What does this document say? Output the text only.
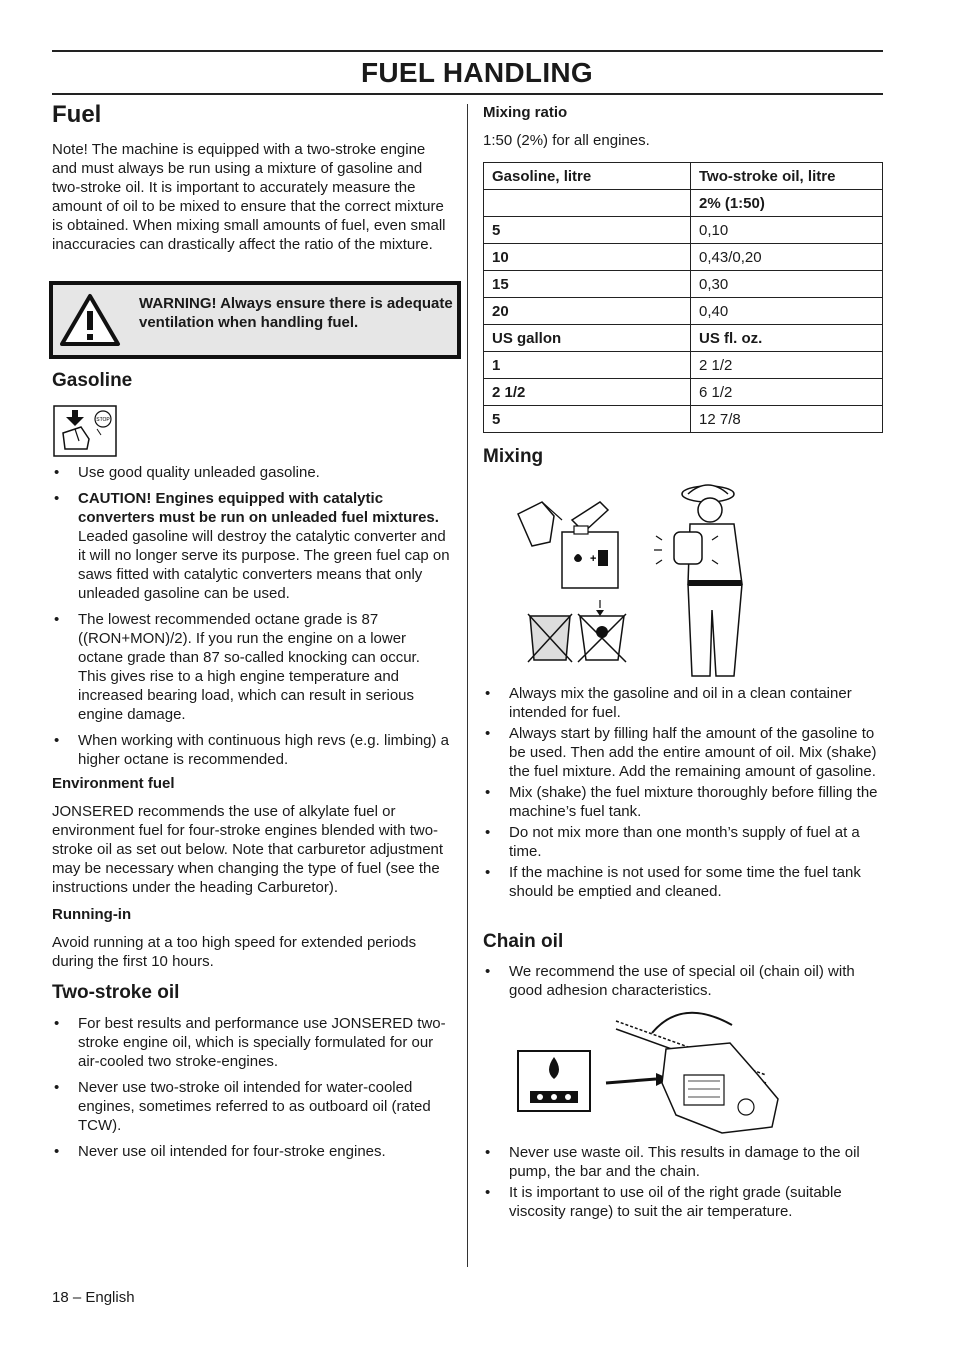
FUEL HANDLING
Fuel

Note! The machine is equipped with a two-stroke engine and must always be run using a mixture of gasoline and two-stroke oil. It is important to accurately measure the amount of oil to be mixed to ensure that the correct mixture is obtained. When mixing small amounts of fuel, even small inaccuracies can drastically affect the ratio of the mixture.

WARNING! Always ensure there is adequate ventilation when handling fuel.
Gasoline
STOP
• Use good quality unleaded gasoline.
• CAUTION! Engines equipped with catalytic converters must be run on unleaded fuel mixtures. Leaded gasoline will destroy the catalytic converter and it will no longer serve its purpose. The green fuel cap on saws fitted with catalytic converters means that only unleaded gasoline can be used.
• The lowest recommended octane grade is 87 ((RON+MON)/2). If you run the engine on a lower octane grade than 87 so-called knocking can occur. This gives rise to a high engine temperature and increased bearing load, which can result in serious engine damage.
• When working with continuous high revs (e.g. limbing) a higher octane is recommended.
Environment fuel

JONSERED recommends the use of alkylate fuel or environment fuel for four-stroke engines blended with two-stroke oil as set out below. Note that carburetor adjustment may be necessary when changing the type of fuel (see the instructions under the heading Carburetor).

Running-in

Avoid running at a too high speed for extended periods during the first 10 hours.

Two-stroke oil
• For best results and performance use JONSERED two-stroke engine oil, which is specially formulated for our air-cooled two stroke-engines.
• Never use two-stroke oil intended for water-cooled engines, sometimes referred to as outboard oil (rated TCW).
• Never use oil intended for four-stroke engines.
Mixing ratio

1:50 (2%) for all engines.

Gasoline, litre	Two-stroke oil, litre
	2% (1:50)
5	0,10
10	0,43/0,20
15	0,30
20	0,40
US gallon	US fl. oz.
1	2 1/2
2 1/2	6 1/2
5	12 7/8
Mixing
+
• Always mix the gasoline and oil in a clean container intended for fuel.
• Always start by filling half the amount of the gasoline to be used. Then add the entire amount of oil. Mix (shake) the fuel mixture. Add the remaining amount of gasoline.
• Mix (shake) the fuel mixture thoroughly before filling the machine’s fuel tank.
• Do not mix more than one month’s supply of fuel at a time.
• If the machine is not used for some time the fuel tank should be emptied and cleaned.
Chain oil
• We recommend the use of special oil (chain oil) with good adhesion characteristics.
• Never use waste oil. This results in damage to the oil pump, the bar and the chain.
• It is important to use oil of the right grade (suitable viscosity range) to suit the air temperature.
18 – English
